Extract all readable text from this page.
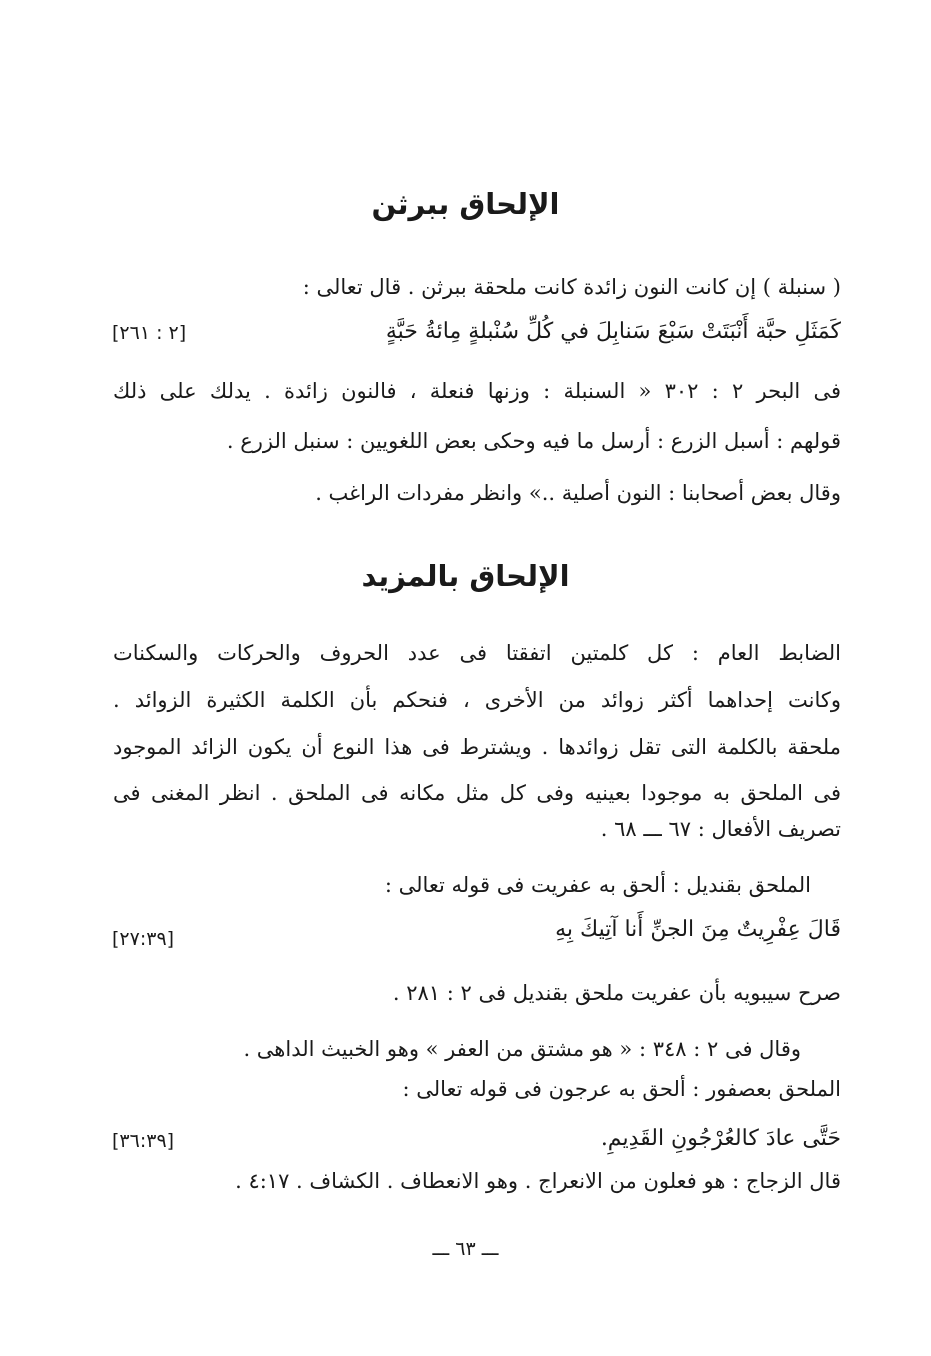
الإلحاق ببرثن
( سنبلة ) إن كانت النون زائدة كانت ملحقة ببرثن . قال تعالى :
كَمَثَلِ حبَّة أَنْبَتَتْ سَبْعَ سَنابِلَ في كُلِّ سُنْبلةٍ مِائةُ حَبَّةٍ
[٢ : ٢٦١]
فى البحر ٢ : ٣٠٢ « السنبلة : وزنها فنعلة ، فالنون زائدة . يدلك على ذلك
قولهم : أسبل الزرع : أرسل ما فيه وحكى بعض اللغويين : سنبل الزرع .
وقال بعض أصحابنا : النون أصلية ..» وانظر مفردات الراغب .
الإلحاق بالمزيد
الضابط العام : كل كلمتين اتفقتا فى عدد الحروف والحركات والسكنات
وكانت إحداهما أكثر زوائد من الأخرى ، فنحكم بأن الكلمة الكثيرة الزوائد .
ملحقة بالكلمة التى تقل زوائدها . ويشترط فى هذا النوع أن يكون الزائد الموجود
فى الملحق به موجودا بعينيه وفى كل مثل مكانه فى الملحق . انظر المغنى فى
تصريف الأفعال : ٦٧ ـــ ٦٨ .
الملحق بقنديل : ألحق به عفريت فى قوله تعالى :
قَالَ عِفْرِيتٌ مِنَ الجنِّ أَنا آتِيكَ بِهِ
[٢٧:٣٩]
صرح سيبويه بأن عفريت ملحق بقنديل فى ٢ : ٢٨١ .
وقال فى ٢ : ٣٤٨ : « هو مشتق من العفر » وهو الخبيث الداهى .
الملحق بعصفور : ألحق به عرجون فى قوله تعالى :
حَتَّى عادَ كالعُرْجُونِ القَدِيمِ.
[٣٦:٣٩]
قال الزجاج : هو فعلون من الانعراج . وهو الانعطاف . الكشاف . ٤:١٧ .
ـــ ٦٣ ـــ
